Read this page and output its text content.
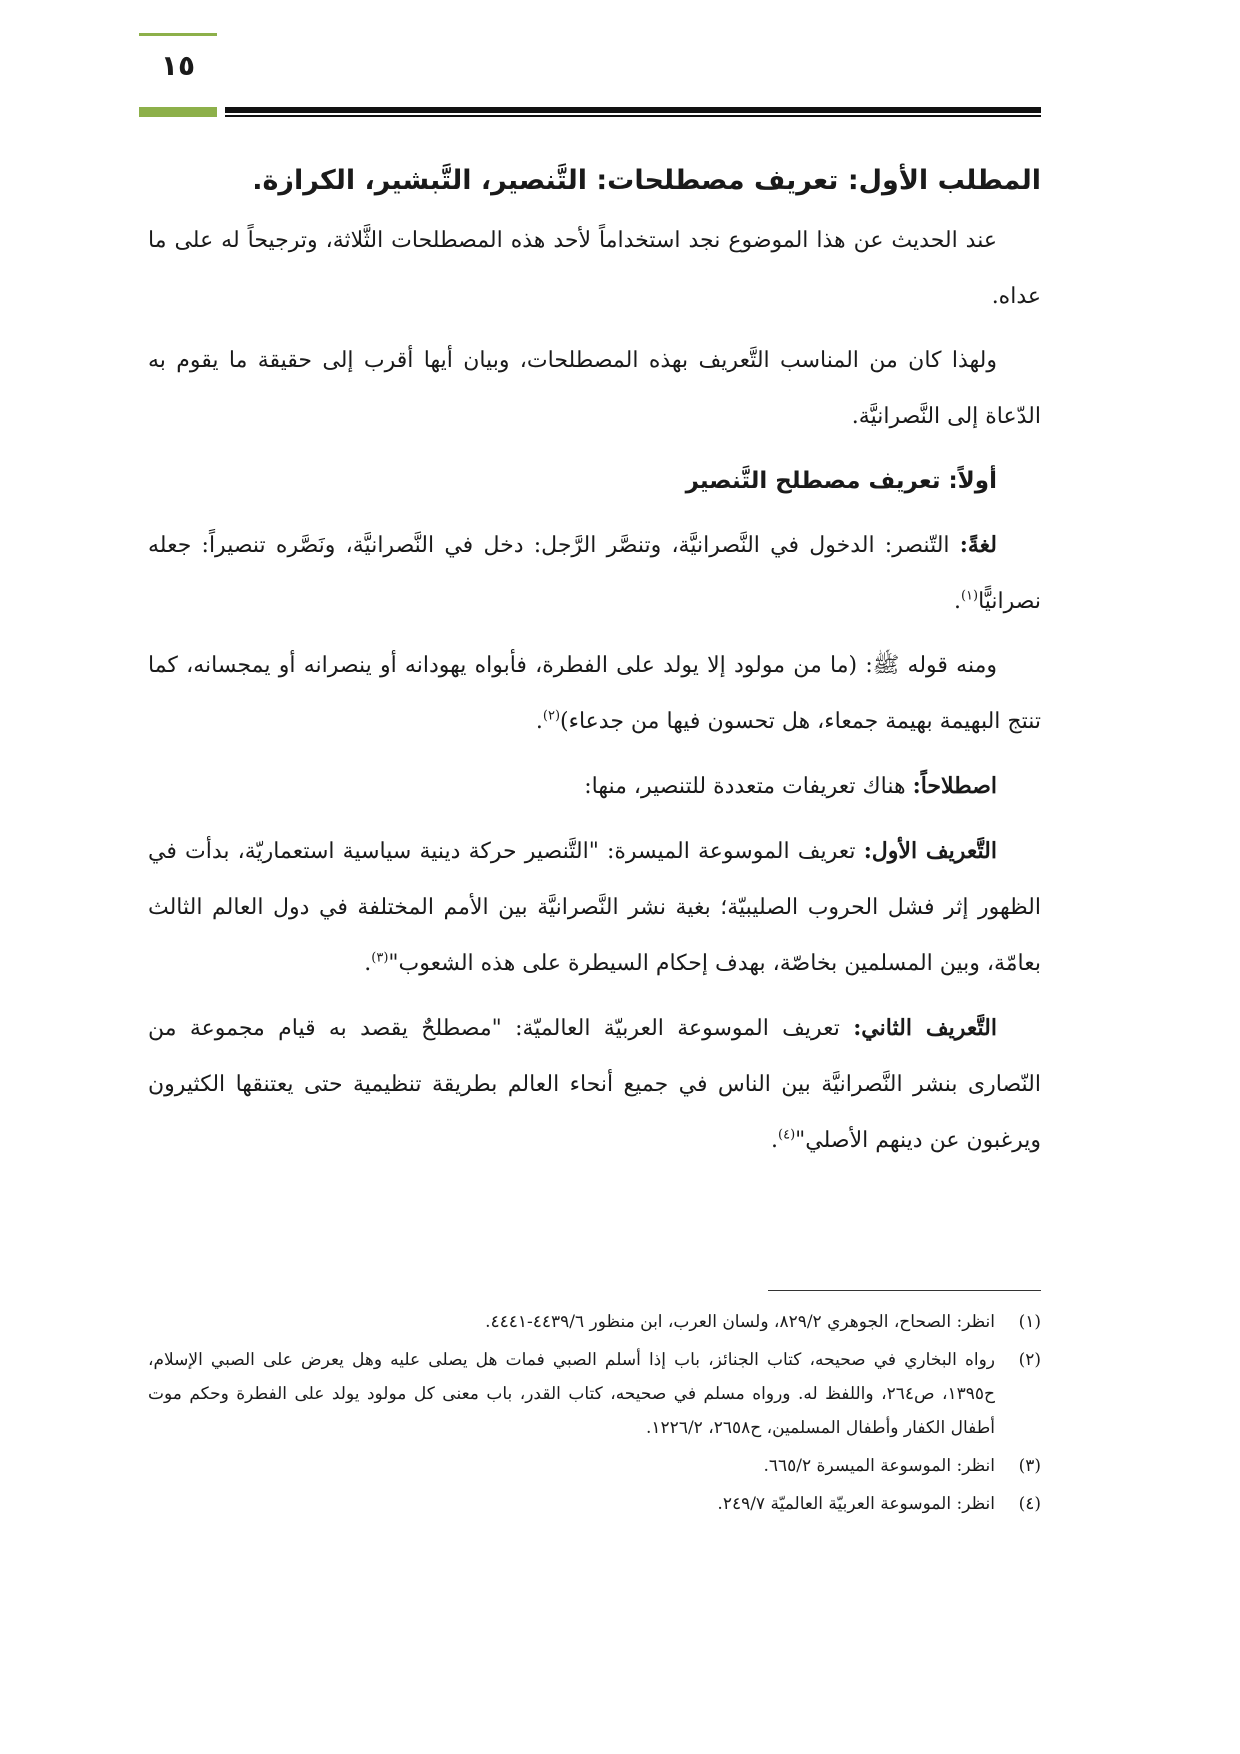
١٥
المطلب الأول: تعريف مصطلحات: التَّنصير، التَّبشير، الكرازة.

عند الحديث عن هذا الموضوع نجد استخداماً لأحد هذه المصطلحات الثَّلاثة، وترجيحاً له على ما عداه.

ولهذا كان من المناسب التَّعريف بهذه المصطلحات، وبيان أيها أقرب إلى حقيقة ما يقوم به الدّعاة إلى النَّصرانيَّة.

أولاً: تعريف مصطلح التَّنصير

لغةً: التّنصر: الدخول في النَّصرانيَّة، وتنصَّر الرَّجل: دخل في النَّصرانيَّة، ونَصَّره تنصيراً: جعله نصرانيًّا$^{(١)}$.

ومنه قوله ﷺ: (ما من مولود إلا يولد على الفطرة، فأبواه يهودانه أو ينصرانه أو يمجسانه، كما تنتج البهيمة بهيمة جمعاء، هل تحسون فيها من جدعاء)$^{(٢)}$.

اصطلاحاً: هناك تعريفات متعددة للتنصير، منها:

التَّعريف الأول: تعريف الموسوعة الميسرة: "التَّنصير حركة دينية سياسية استعماريّة، بدأت في الظهور إثر فشل الحروب الصليبيّة؛ بغية نشر النَّصرانيَّة بين الأمم المختلفة في دول العالم الثالث بعامّة، وبين المسلمين بخاصّة، بهدف إحكام السيطرة على هذه الشعوب"$^{(٣)}$.

التَّعريف الثاني: تعريف الموسوعة العربيّة العالميّة: "مصطلحٌ يقصد به قيام مجموعة من النّصارى بنشر النَّصرانيَّة بين الناس في جميع أنحاء العالم بطريقة تنظيمية حتى يعتنقها الكثيرون ويرغبون عن دينهم الأصلي"$^{(٤)}$.

(١)
انظر: الصحاح، الجوهري ٨٢٩/٢، ولسان العرب، ابن منظور ٤٤٣٩/٦-٤٤٤١.
(٢)
رواه البخاري في صحيحه، كتاب الجنائز، باب إذا أسلم الصبي فمات هل يصلى عليه وهل يعرض على الصبي الإسلام، ح١٣٩٥، ص٢٦٤، واللفظ له. ورواه مسلم في صحيحه، كتاب القدر، باب معنى كل مولود يولد على الفطرة وحكم موت أطفال الكفار وأطفال المسلمين، ح٢٦٥٨، ١٢٢٦/٢.
(٣)
انظر: الموسوعة الميسرة ٦٦٥/٢.
(٤)
انظر: الموسوعة العربيّة العالميّة ٢٤٩/٧.
